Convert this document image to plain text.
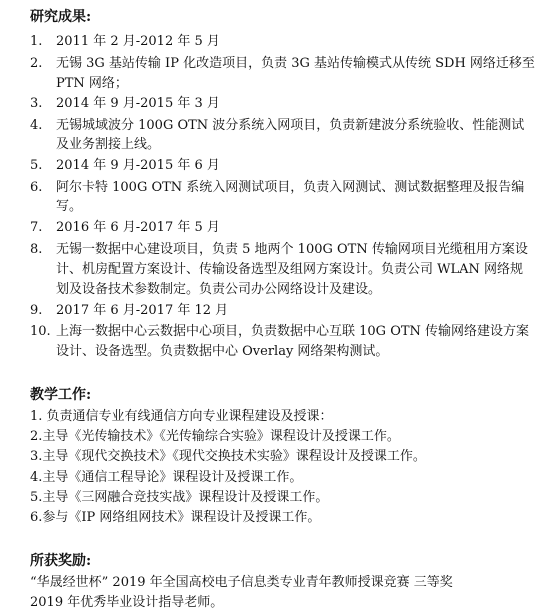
研究成果:
1.	2011 年 2 月-2012 年 5 月
2.	无锡 3G 基站传输 IP 化改造项目，负责 3G 基站传输模式从传统 SDH 网络迁移至
PTN 网络；
3.	2014 年 9 月-2015 年 3 月
4.	无锡城域波分 100G OTN 波分系统入网项目，负责新建波分系统验收、性能测试
及业务割接上线。
5.	2014 年 9 月-2015 年 6 月
6.	阿尔卡特 100G OTN 系统入网测试项目，负责入网测试、测试数据整理及报告编
写。
7.	2016 年 6 月-2017 年 5 月
8.	无锡一数据中心建设项目，负责 5 地两个 100G OTN 传输网项目光缆租用方案设
计、机房配置方案设计、传输设备选型及组网方案设计。负责公司 WLAN 网络规
划及设备技术参数制定。负责公司办公网络设计及建设。
9.	2017 年 6 月-2017 年 12 月
10. 上海一数据中心云数据中心项目，负责数据中心互联 10G OTN 传输网络建设方案
设计、设备选型。负责数据中心 Overlay 网络架构测试。
教学工作:
1. 负责通信专业有线通信方向专业课程建设及授课：
2.主导《光传输技术》《光传输综合实验》课程设计及授课工作。
3.主导《现代交换技术》《现代交换技术实验》课程设计及授课工作。
4.主导《通信工程导论》课程设计及授课工作。
5.主导《三网融合竞技实战》课程设计及授课工作。
6.参与《IP 网络组网技术》课程设计及授课工作。
所获奖励:
“华晟经世杯” 2019 年全国高校电子信息类专业青年教师授课竞赛 三等奖
2019 年优秀毕业设计指导老师。
